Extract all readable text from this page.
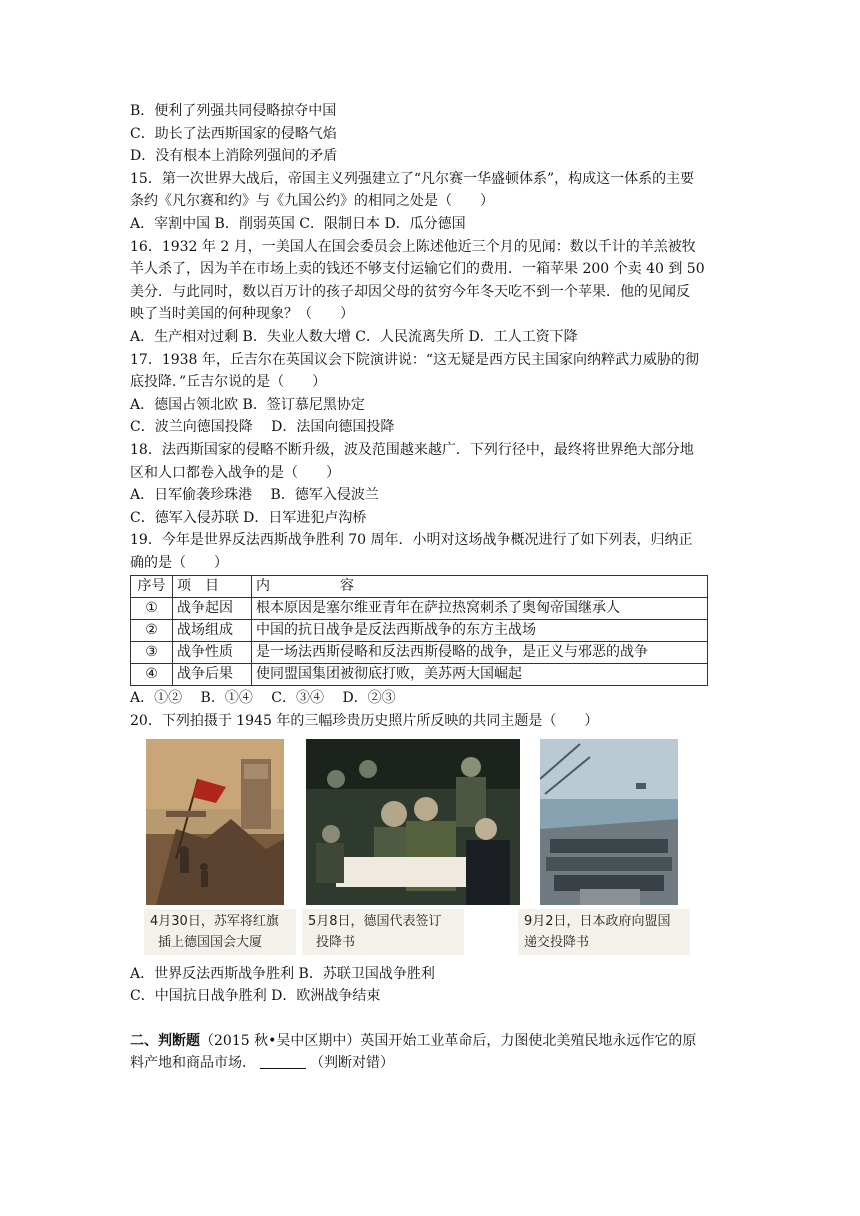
B．便利了列强共同侵略掠夺中国
C．助长了法西斯国家的侵略气焰
D．没有根本上消除列强间的矛盾
15．第一次世界大战后，帝国主义列强建立了“凡尔赛一华盛顿体系”，构成这一体系的主要
条约《凡尔赛和约》与《九国公约》的相同之处是（　　）
A．宰割中国 B．削弱英国 C．限制日本 D．瓜分德国
16．1932 年 2 月，一美国人在国会委员会上陈述他近三个月的见闻：数以千计的羊羔被牧
羊人杀了，因为羊在市场上卖的钱还不够支付运输它们的费用．一箱苹果 200 个卖 40 到 50
美分．与此同时，数以百万计的孩子却因父母的贫穷今年冬天吃不到一个苹果．他的见闻反
映了当时美国的何种现象？（　　）
A．生产相对过剩 B．失业人数大增 C．人民流离失所 D．工人工资下降
17．1938 年，丘吉尔在英国议会下院演讲说：“这无疑是西方民主国家向纳粹武力威胁的彻
底投降．”丘吉尔说的是（　　）
A．德国占领北欧 B．签订慕尼黑协定
C．波兰向德国投降　 D．法国向德国投降
18．法西斯国家的侵略不断升级，波及范围越来越广．下列行径中，最终将世界绝大部分地
区和人口都卷入战争的是（　　）
A．日军偷袭珍珠港　 B．德军入侵波兰
C．德军入侵苏联 D．日军进犯卢沟桥
19．今年是世界反法西斯战争胜利 70 周年．小明对这场战争概况进行了如下列表，归纳正
确的是（　　）
序号	项　目	内　　　　　容
①	战争起因	根本原因是塞尔维亚青年在萨拉热窝刺杀了奥匈帝国继承人
②	战场组成	中国的抗日战争是反法西斯战争的东方主战场
③	战争性质	是一场法西斯侵略和反法西斯侵略的战争，是正义与邪恶的战争
④	战争后果	使同盟国集团被彻底打败，美苏两大国崛起
A．①②　 B．①④　 C．③④　 D．②③
20．下列拍摄于 1945 年的三幅珍贵历史照片所反映的共同主题是（　　）
4月30日，苏军将红旗
插上德国国会大厦
5月8日，德国代表签订
投降书
9月2日，日本政府向盟国
递交投降书
A．世界反法西斯战争胜利 B．苏联卫国战争胜利
C．中国抗日战争胜利 D．欧洲战争结束
二、判断题（2015 秋•吴中区期中）英国开始工业革命后，力图使北美殖民地永远作它的原
料产地和商品市场．	（判断对错）
